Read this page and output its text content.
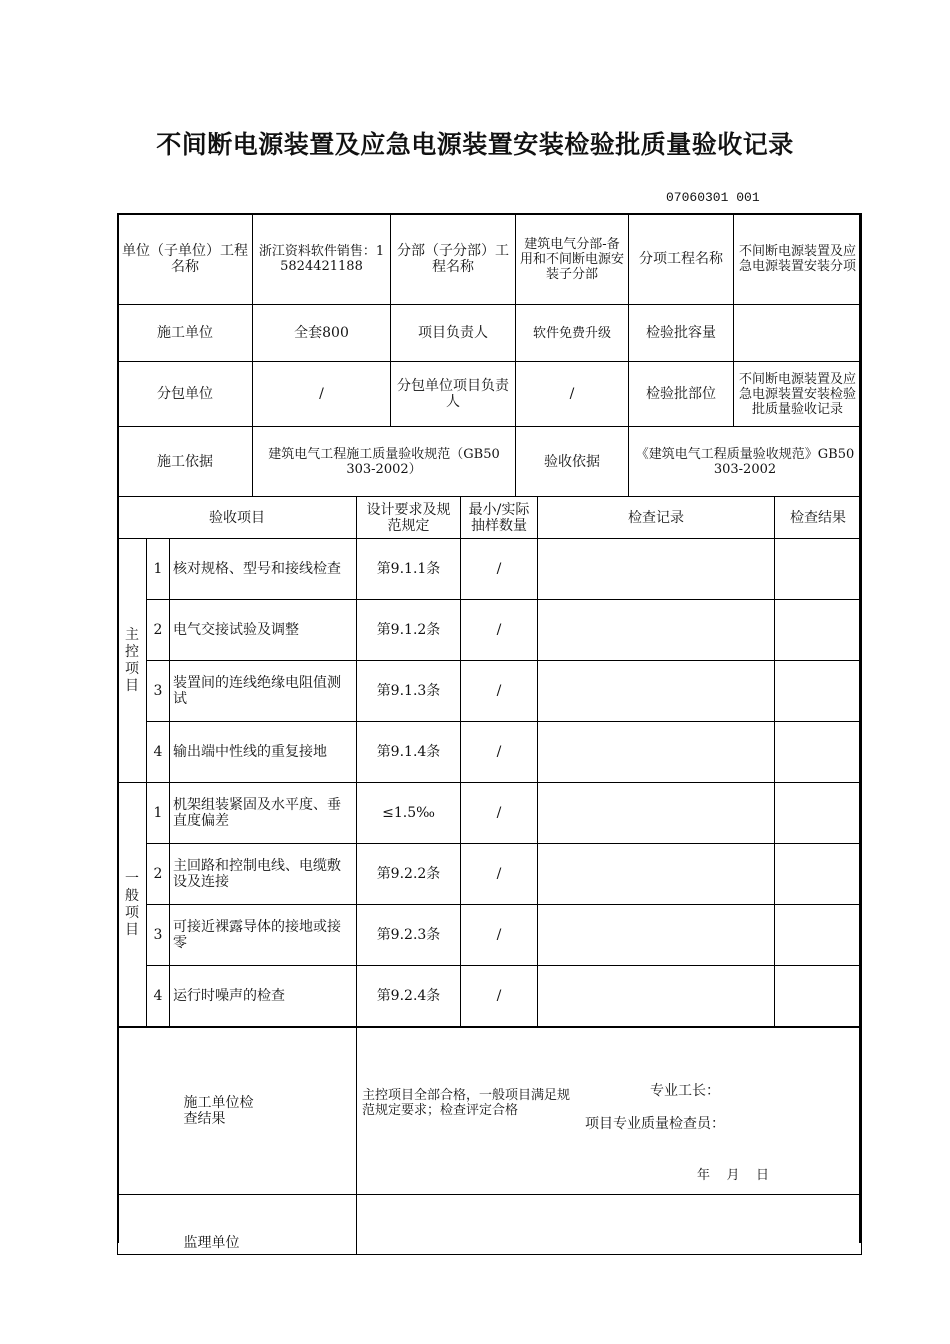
不间断电源装置及应急电源装置安装检验批质量验收记录
07060301 001
单位（子单位）工程名称	浙江资料软件销售：15824421188	分部（子分部）工程名称	建筑电气分部-备用和不间断电源安装子分部	分项工程名称	不间断电源装置及应急电源装置安装分项
施工单位	全套800	项目负责人	软件免费升级	检验批容量	
分包单位	/	分包单位项目负责人	/	检验批部位	不间断电源装置及应急电源装置安装检验批质量验收记录
施工依据	建筑电气工程施工质量验收规范（GB50303-2002）		验收依据	《建筑电气工程质量验收规范》GB50303-2002	
验收项目			设计要求及规范规定	最小/实际抽样数量	检查记录	检查结果

主控项目	1	核对规格、型号和接线检查	第9.1.1条	/		
	2	电气交接试验及调整	第9.1.2条	/		
	3	装置间的连线绝缘电阻值测试	第9.1.3条	/		
	4	输出端中性线的重复接地	第9.1.4条	/		

一般项目	1	机架组装紧固及水平度、垂直度偏差	≤1.5‰	/		
	2	主回路和控制电线、电缆敷设及连接	第9.2.2条	/		
	3	可接近裸露导体的接地或接零	第9.2.3条	/		
	4	运行时噪声的检查	第9.2.4条	/		
施工单位检查结果	主控项目全部合格，一般项目满足规范规定要求；检查评定合格
专业工长：
项目专业质量检查员：
年    月    日

监理单位	
